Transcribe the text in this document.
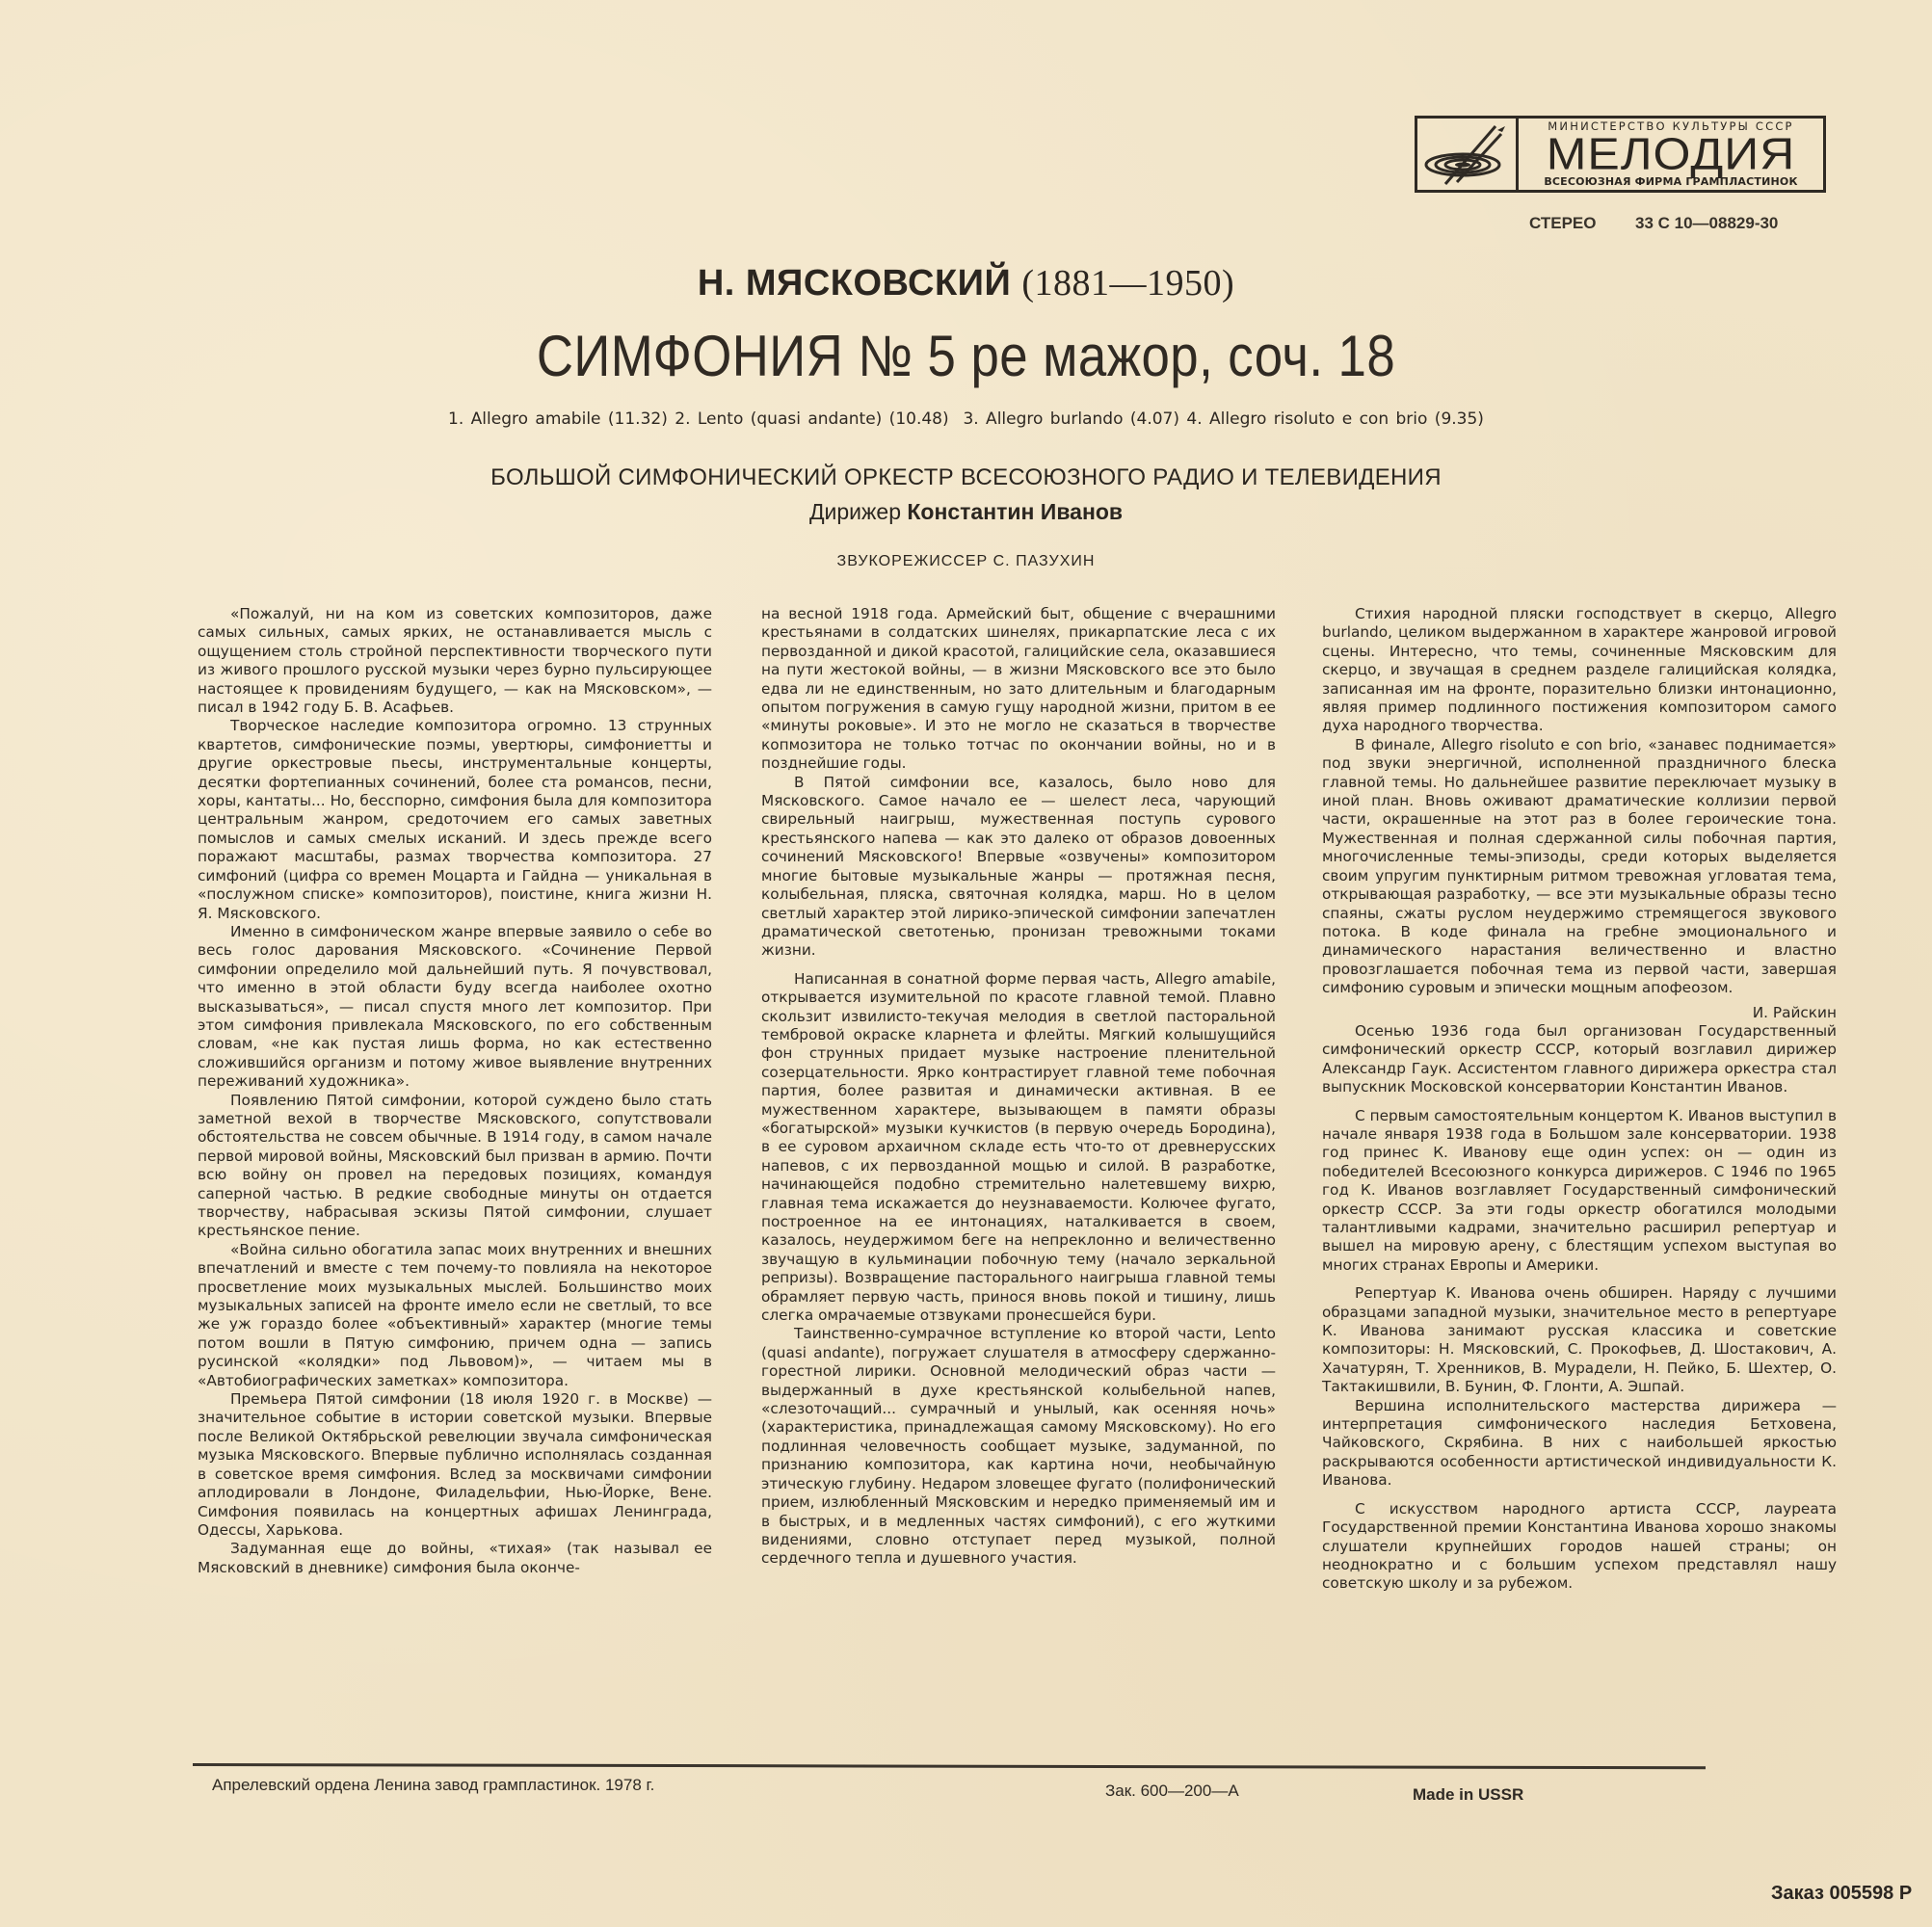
МИНИСТЕРСТВО КУЛЬТУРЫ СССР
МЕЛОДИЯ
ВСЕСОЮЗНАЯ ФИРМА ГРАМПЛАСТИНОК
СТЕРЕО 33 С 10—08829-30
Н. МЯСКОВСКИЙ (1881—1950)
СИМФОНИЯ № 5 ре мажор, соч. 18
1. Allegro amabile (11.32) 2. Lento (quasi andante) (10.48) 3. Allegro burlando (4.07) 4. Allegro risoluto e con brio (9.35)
БОЛЬШОЙ СИМФОНИЧЕСКИЙ ОРКЕСТР ВСЕСОЮЗНОГО РАДИО И ТЕЛЕВИДЕНИЯ
Дирижер Константин Иванов
ЗВУКОРЕЖИССЕР С. ПАЗУХИН

«Пожалуй, ни на ком из советских композиторов, даже самых сильных, самых ярких, не останавливается мысль с ощущением столь стройной перспективности творческого пути из живого прошлого русской музыки через бурно пульсирующее настоящее к провидениям будущего, — как на Мясковском», — писал в 1942 году Б. В. Асафьев.

Творческое наследие композитора огромно. 13 струнных квартетов, симфонические поэмы, увертюры, симфониетты и другие оркестровые пьесы, инструментальные концерты, десятки фортепианных сочинений, более ста романсов, песни, хоры, кантаты... Но, бесспорно, симфония была для композитора центральным жанром, средоточием его самых заветных помыслов и самых смелых исканий. И здесь прежде всего поражают масштабы, размах творчества композитора. 27 симфоний (цифра со времен Моцарта и Гайдна — уникальная в «послужном списке» композиторов), поистине, книга жизни Н. Я. Мясковского.

Именно в симфоническом жанре впервые заявило о себе во весь голос дарования Мясковского. «Сочинение Первой симфонии определило мой дальнейший путь. Я почувствовал, что именно в этой области буду всегда наиболее охотно высказываться», — писал спустя много лет композитор. При этом симфония привлекала Мясковского, по его собственным словам, «не как пустая лишь форма, но как естественно сложившийся организм и потому живое выявление внутренних переживаний художника».

Появлению Пятой симфонии, которой суждено было стать заметной вехой в творчестве Мясковского, сопутствовали обстоятельства не совсем обычные. В 1914 году, в самом начале первой мировой войны, Мясковский был призван в армию. Почти всю войну он провел на передовых позициях, командуя саперной частью. В редкие свободные минуты он отдается творчеству, набрасывая эскизы Пятой симфонии, слушает крестьянское пение.

«Война сильно обогатила запас моих внутренних и внешних впечатлений и вместе с тем почему-то повлияла на некоторое просветление моих музыкальных мыслей. Большинство моих музыкальных записей на фронте имело если не светлый, то все же уж гораздо более «объективный» характер (многие темы потом вошли в Пятую симфонию, причем одна — запись русинской «колядки» под Львовом)», — читаем мы в «Автобиографических заметках» композитора.

Премьера Пятой симфонии (18 июля 1920 г. в Москве) — значительное событие в истории советской музыки. Впервые после Великой Октябрьской ревелюции звучала симфоническая музыка Мясковского. Впервые публично исполнялась созданная в советское время симфония. Вслед за москвичами симфонии аплодировали в Лондоне, Филадельфии, Нью-Йорке, Вене. Симфония появилась на концертных афишах Ленинграда, Одессы, Харькова.

Задуманная еще до войны, «тихая» (так называл ее Мясковский в дневнике) симфония была оконче-

на весной 1918 года. Армейский быт, общение с вчерашними крестьянами в солдатских шинелях, прикарпатские леса с их первозданной и дикой красотой, галицийские села, оказавшиеся на пути жестокой войны, — в жизни Мясковского все это было едва ли не единственным, но зато длительным и благодарным опытом погружения в самую гущу народной жизни, притом в ее «минуты роковые». И это не могло не сказаться в творчестве копмозитора не только тотчас по окончании войны, но и в позднейшие годы.

В Пятой симфонии все, казалось, было ново для Мясковского. Самое начало ее — шелест леса, чарующий свирельный наигрыш, мужественная поступь сурового крестьянского напева — как это далеко от образов довоенных сочинений Мясковского! Впервые «озвучены» композитором многие бытовые музыкальные жанры — протяжная песня, колыбельная, пляска, святочная колядка, марш. Но в целом светлый характер этой лирико-эпической симфонии запечатлен драматической светотенью, пронизан тревожными токами жизни.

Написанная в сонатной форме первая часть, Allegro amabile, открывается изумительной по красоте главной темой. Плавно скользит извилисто-текучая мелодия в светлой пасторальной тембровой окраске кларнета и флейты. Мягкий колышущийся фон струнных придает музыке настроение пленительной созерцательности. Ярко контрастирует главной теме побочная партия, более развитая и динамически активная. В ее мужественном характере, вызывающем в памяти образы «богатырской» музыки кучкистов (в первую очередь Бородина), в ее суровом архаичном складе есть что-то от древнерусских напевов, с их первозданной мощью и силой. В разработке, начинающейся подобно стремительно налетевшему вихрю, главная тема искажается до неузнаваемости. Колючее фугато, построенное на ее интонациях, наталкивается в своем, казалось, неудержимом беге на непреклонно и величественно звучащую в кульминации побочную тему (начало зеркальной репризы). Возвращение пасторального наигрыша главной темы обрамляет первую часть, принося вновь покой и тишину, лишь слегка омрачаемые отзвуками пронесшейся бури.

Таинственно-сумрачное вступление ко второй части, Lento (quasi andante), погружает слушателя в атмосферу сдержанно-горестной лирики. Основной мелодический образ части — выдержанный в духе крестьянской колыбельной напев, «слезоточащий... сумрачный и унылый, как осенняя ночь» (характеристика, принадлежащая самому Мясковскому). Но его подлинная человечность сообщает музыке, задуманной, по признанию композитора, как картина ночи, необычайную этическую глубину. Недаром зловещее фугато (полифонический прием, излюбленный Мясковским и нередко применяемый им и в быстрых, и в медленных частях симфоний), с его жуткими видениями, словно отступает перед музыкой, полной сердечного тепла и душевного участия.

Стихия народной пляски господствует в скерцо, Allegro burlando, целиком выдержанном в характере жанровой игровой сцены. Интересно, что темы, сочиненные Мясковским для скерцо, и звучащая в среднем разделе галицийская колядка, записанная им на фронте, поразительно близки интонационно, являя пример подлинного постижения композитором самого духа народного творчества.

В финале, Allegro risoluto e con brio, «занавес поднимается» под звуки энергичной, исполненной праздничного блеска главной темы. Но дальнейшее развитие переключает музыку в иной план. Вновь оживают драматические коллизии первой части, окрашенные на этот раз в более героические тона. Мужественная и полная сдержанной силы побочная партия, многочисленные темы-эпизоды, среди которых выделяется своим упругим пунктирным ритмом тревожная угловатая тема, открывающая разработку, — все эти музыкальные образы тесно спаяны, сжаты руслом неудержимо стремящегося звукового потока. В коде финала на гребне эмоционального и динамического нарастания величественно и властно провозглашается побочная тема из первой части, завершая симфонию суровым и эпически мощным апофеозом.

И. Райскин

Осенью 1936 года был организован Государственный симфонический оркестр СССР, который возглавил дирижер Александр Гаук. Ассистентом главного дирижера оркестра стал выпускник Московской консерватории Константин Иванов.

С первым самостоятельным концертом К. Иванов выступил в начале января 1938 года в Большом зале консерватории. 1938 год принес К. Иванову еще один успех: он — один из победителей Всесоюзного конкурса дирижеров. С 1946 по 1965 год К. Иванов возглавляет Государственный симфонический оркестр СССР. За эти годы оркестр обогатился молодыми талантливыми кадрами, значительно расширил репертуар и вышел на мировую арену, с блестящим успехом выступая во многих странах Европы и Америки.

Репертуар К. Иванова очень обширен. Наряду с лучшими образцами западной музыки, значительное место в репертуаре К. Иванова занимают русская классика и советские композиторы: Н. Мясковский, С. Прокофьев, Д. Шостакович, А. Хачатурян, Т. Хренников, В. Мурадели, Н. Пейко, Б. Шехтер, О. Тактакишвили, В. Бунин, Ф. Глонти, А. Эшпай.

Вершина исполнительского мастерства дирижера — интерпретация симфонического наследия Бетховена, Чайковского, Скрябина. В них с наибольшей яркостью раскрываются особенности артистической индивидуальности К. Иванова.

С искусством народного артиста СССР, лауреата Государственной премии Константина Иванова хорошо знакомы слушатели крупнейших городов нашей страны; он неоднократно и с большим успехом представлял нашу советскую школу и за рубежом.

Апрелевский ордена Ленина завод грампластинок. 1978 г.	Зак. 600—200—А	Made in USSR
Заказ 005598 Р
